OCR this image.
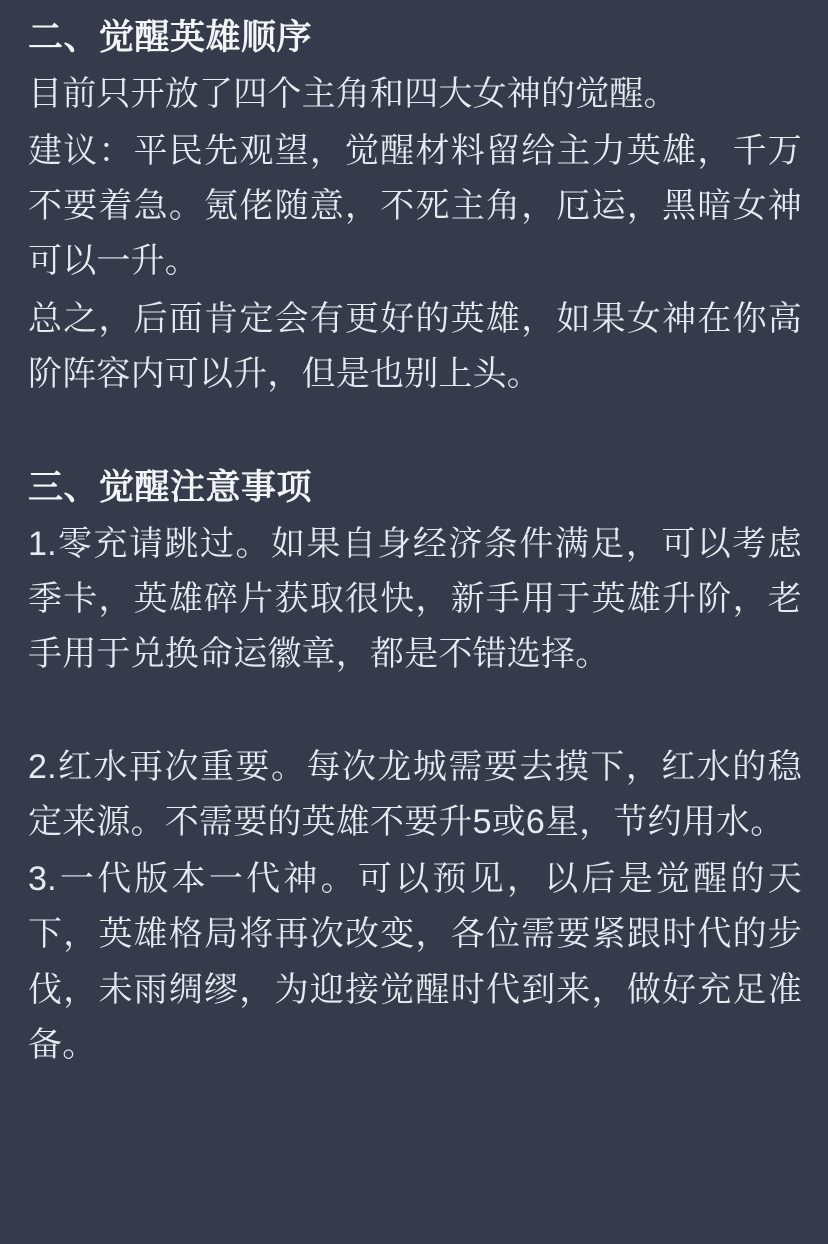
二、觉醒英雄顺序

目前只开放了四个主角和四大女神的觉醒。

建议：平民先观望，觉醒材料留给主力英雄，千万不要着急。氪佬随意，不死主角，厄运，黑暗女神可以一升。

总之，后面肯定会有更好的英雄，如果女神在你高阶阵容内可以升，但是也别上头。

三、觉醒注意事项

1.零充请跳过。如果自身经济条件满足，可以考虑季卡，英雄碎片获取很快，新手用于英雄升阶，老手用于兑换命运徽章，都是不错选择。

2.红水再次重要。每次龙城需要去摸下，红水的稳定来源。不需要的英雄不要升5或6星，节约用水。

3.一代版本一代神。可以预见，以后是觉醒的天下，英雄格局将再次改变，各位需要紧跟时代的步伐，未雨绸缪，为迎接觉醒时代到来，做好充足准备。
